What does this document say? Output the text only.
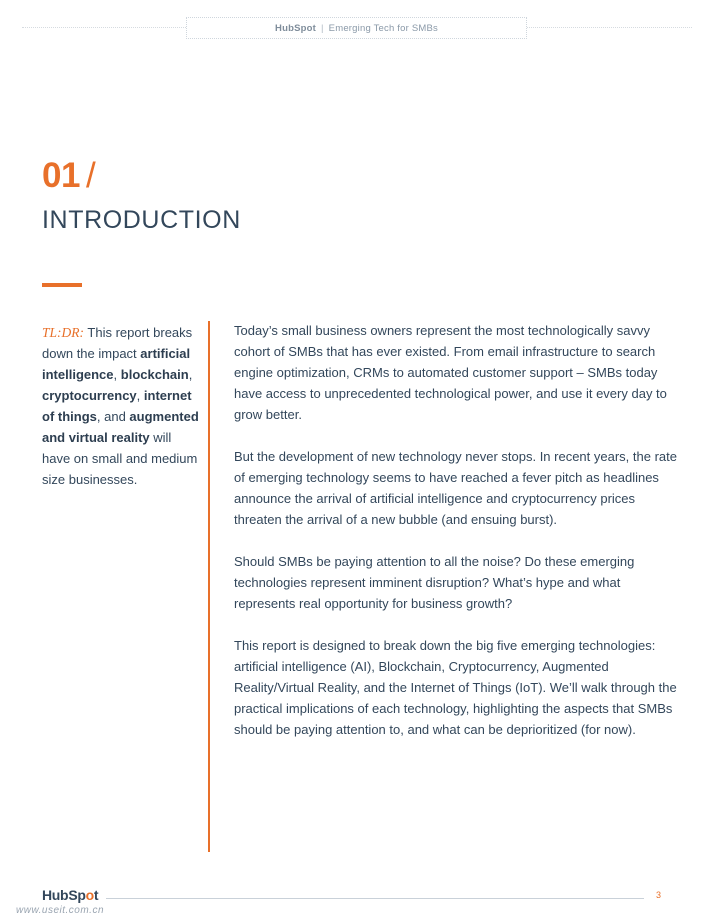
HubSpot | Emerging Tech for SMBs
01 /
INTRODUCTION
TL:DR: This report breaks down the impact artificial intelligence, blockchain, cryptocurrency, internet of things, and augmented and virtual reality will have on small and medium size businesses.

Today’s small business owners represent the most technologically savvy cohort of SMBs that has ever existed. From email infrastructure to search engine optimization, CRMs to automated customer support – SMBs today have access to unprecedented technological power, and use it every day to grow better.

But the development of new technology never stops. In recent years, the rate of emerging technology seems to have reached a fever pitch as headlines announce the arrival of artificial intelligence and cryptocurrency prices threaten the arrival of a new bubble (and ensuing burst).

Should SMBs be paying attention to all the noise? Do these emerging technologies represent imminent disruption? What’s hype and what represents real opportunity for business growth?

This report is designed to break down the big five emerging technologies: artificial intelligence (AI), Blockchain, Cryptocurrency, Augmented Reality/Virtual Reality, and the Internet of Things (IoT). We’ll walk through the practical implications of each technology, highlighting the aspects that SMBs should be paying attention to, and what can be deprioritized (for now).

HubSpot	3
www.useit.com.cn
